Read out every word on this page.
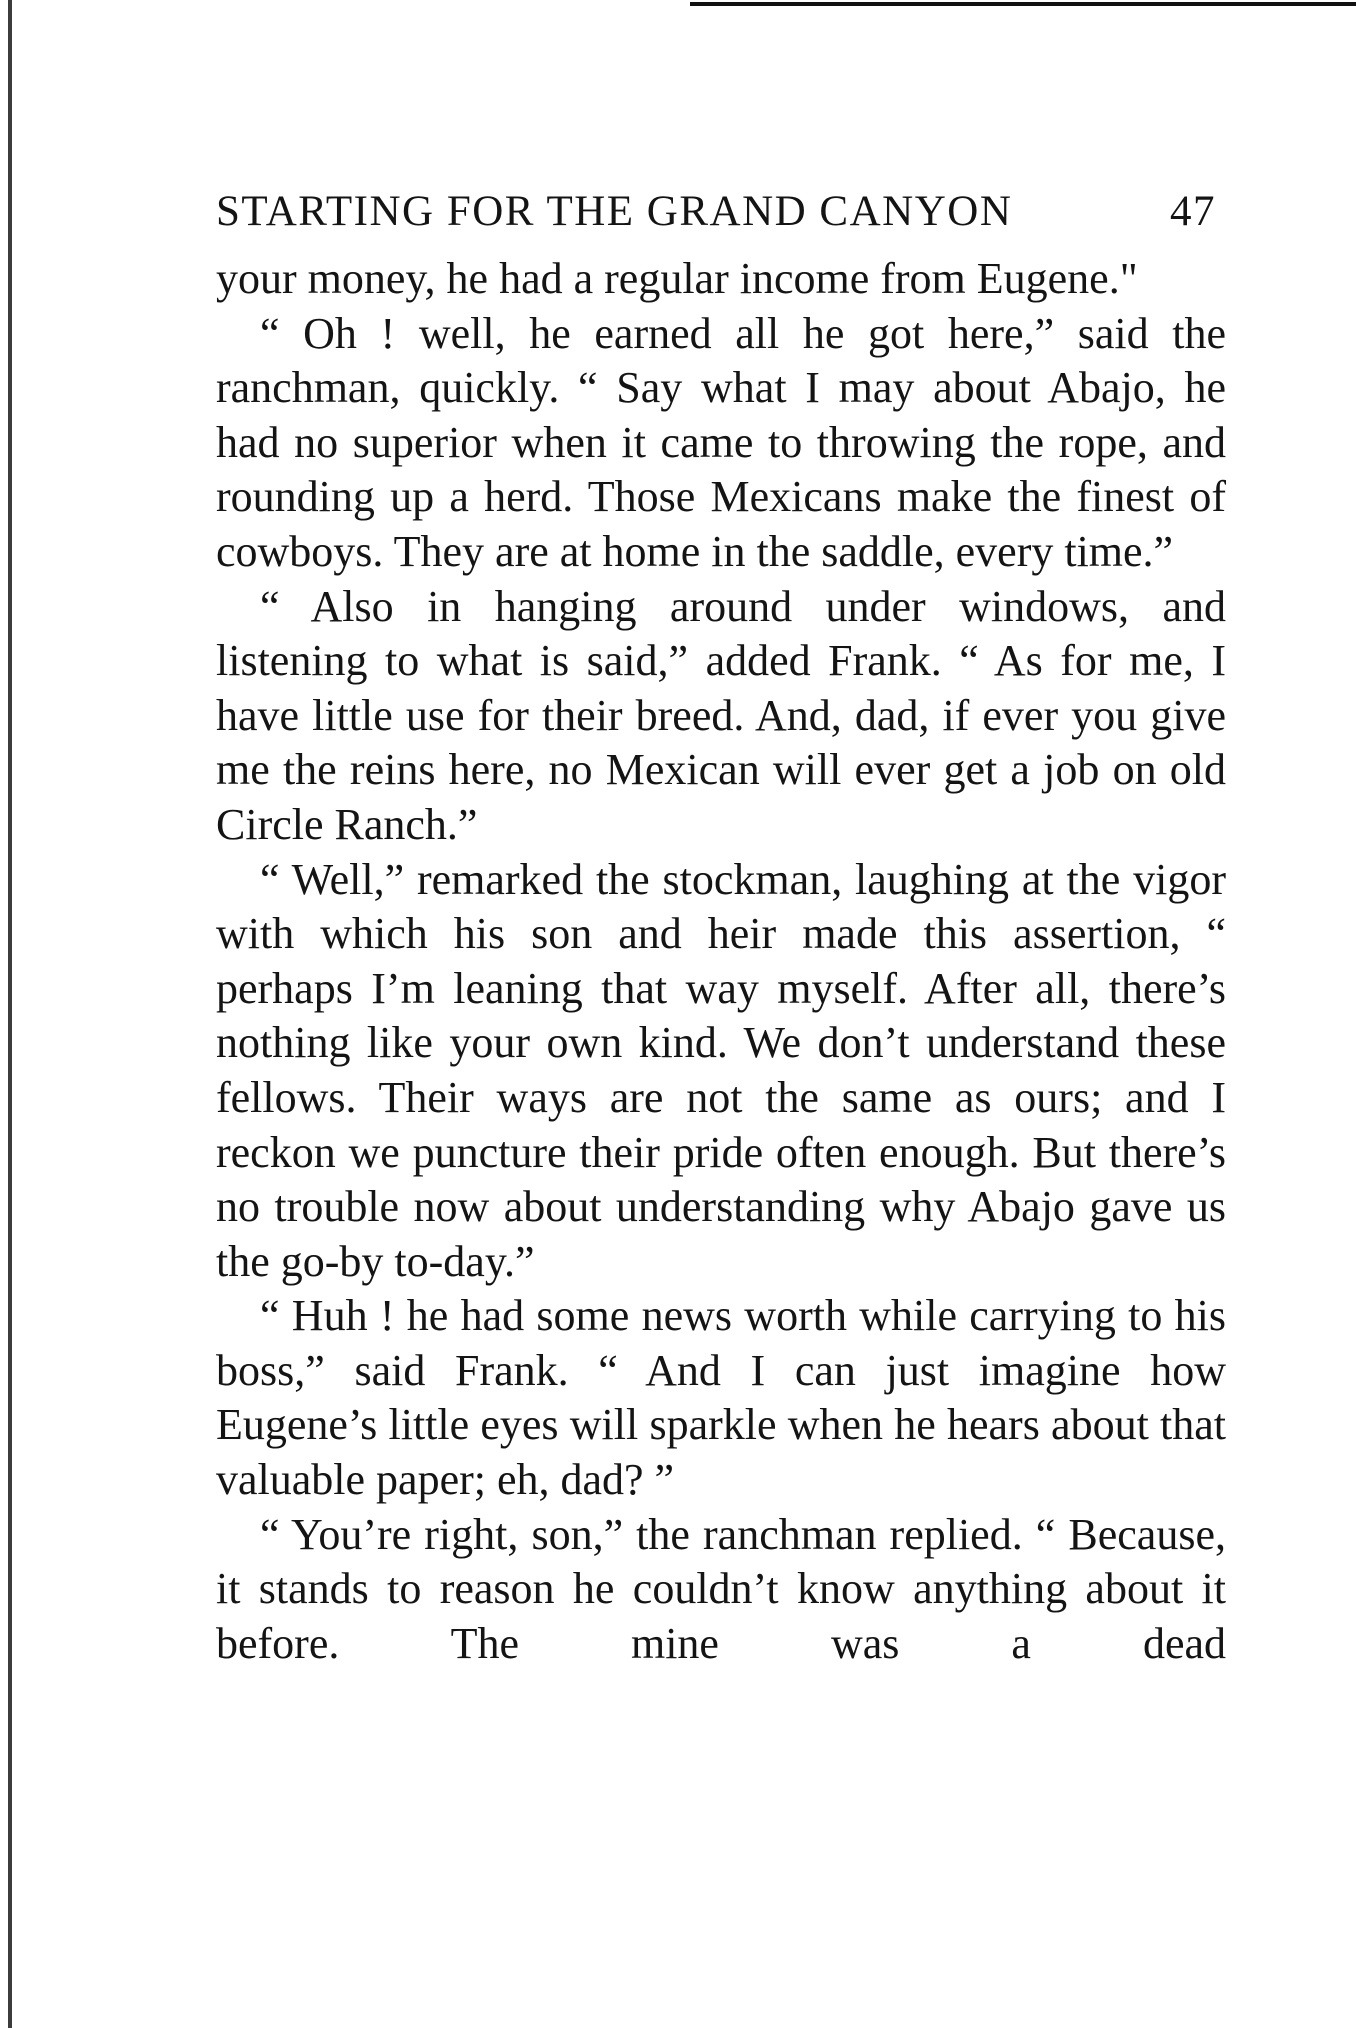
STARTING FOR THE GRAND CANYON	47

your money, he had a regular income from Eugene."

“ Oh ! well, he earned all he got here,” said the ranchman, quickly. “ Say what I may about Abajo, he had no superior when it came to throwing the rope, and rounding up a herd. Those Mexicans make the finest of cowboys. They are at home in the saddle, every time.”

“ Also in hanging around under windows, and listening to what is said,” added Frank. “ As for me, I have little use for their breed. And, dad, if ever you give me the reins here, no Mexican will ever get a job on old Circle Ranch.”

“ Well,” remarked the stockman, laughing at the vigor with which his son and heir made this assertion, “ perhaps I’m leaning that way myself. After all, there’s nothing like your own kind. We don’t understand these fellows. Their ways are not the same as ours; and I reckon we puncture their pride often enough. But there’s no trouble now about understanding why Abajo gave us the go-by to-day.”

“ Huh ! he had some news worth while carrying to his boss,” said Frank. “ And I can just imagine how Eugene’s little eyes will sparkle when he hears about that valuable paper; eh, dad? ”

“ You’re right, son,” the ranchman replied. “ Because, it stands to reason he couldn’t know anything about it before. The mine was a dead
